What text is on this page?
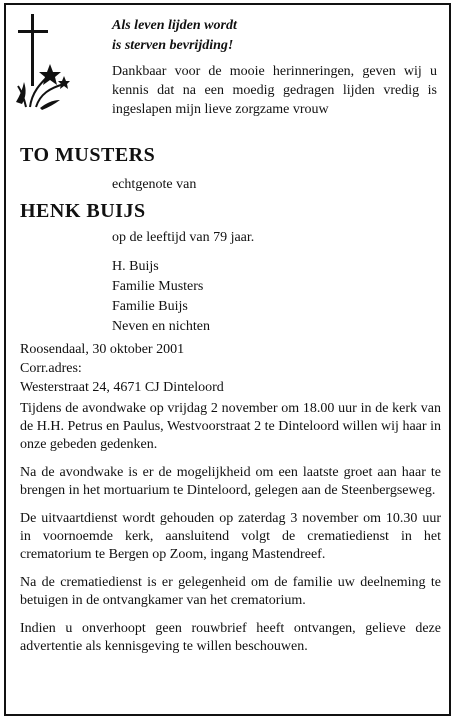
Als leven lijden wordt
is sterven bevrijding!
Dankbaar voor de mooie herinneringen, geven wij u kennis dat na een moedig gedragen lijden vredig is ingeslapen mijn lieve zorgzame vrouw
TO MUSTERS
echtgenote van
HENK BUIJS
op de leeftijd van 79 jaar.
H. Buijs
Familie Musters
Familie Buijs
Neven en nichten
Roosendaal, 30 oktober 2001
Corr.adres:
Westerstraat 24, 4671 CJ Dinteloord

Tijdens de avondwake op vrijdag 2 november om 18.00 uur in de kerk van de H.H. Petrus en Paulus, Westvoorstraat 2 te Dinteloord willen wij haar in onze gebeden gedenken.

Na de avondwake is er de mogelijkheid om een laatste groet aan haar te brengen in het mortuarium te Dinteloord, gelegen aan de Steenbergseweg.

De uitvaartdienst wordt gehouden op zaterdag 3 november om 10.30 uur in voornoemde kerk, aansluitend volgt de crematiedienst in het crematorium te Bergen op Zoom, ingang Mastendreef.

Na de crematiedienst is er gelegenheid om de familie uw deelneming te betuigen in de ontvangkamer van het crematorium.

Indien u onverhoopt geen rouwbrief heeft ontvangen, gelieve deze advertentie als kennisgeving te willen beschouwen.
